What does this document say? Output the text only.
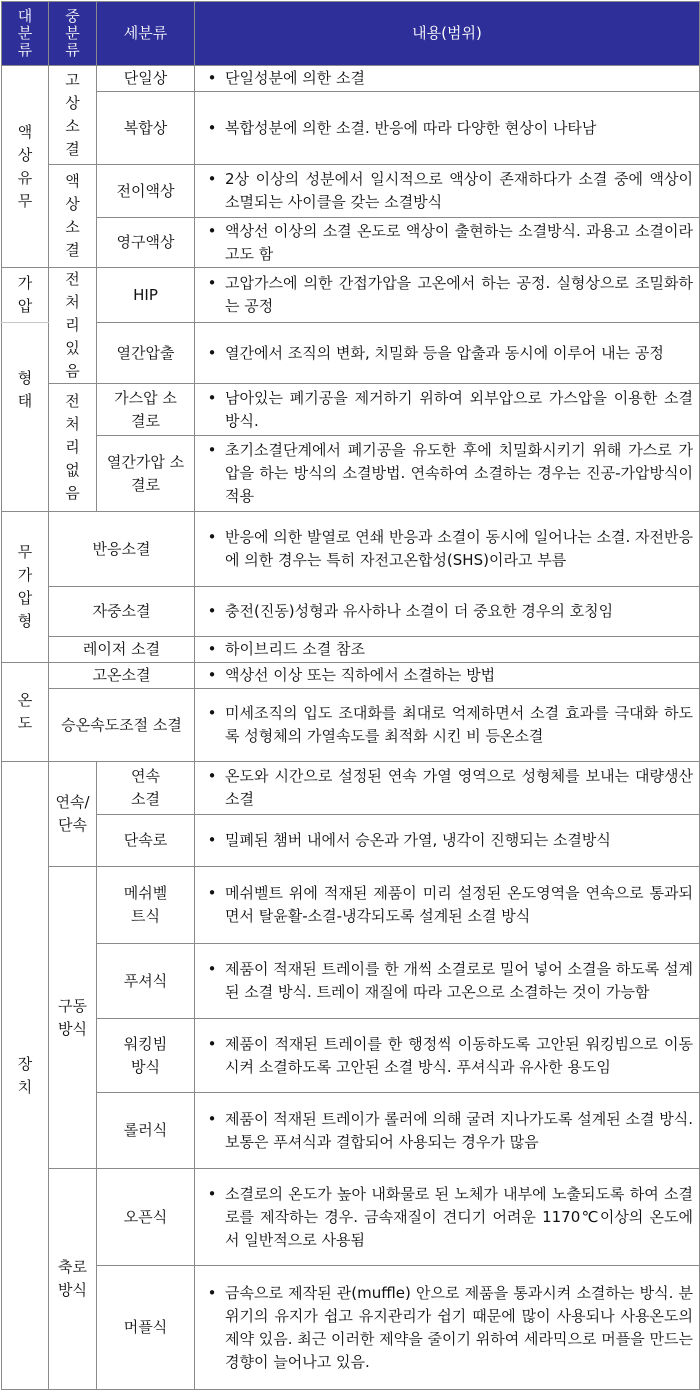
대분류	중분류	세분류	내용(범위)
액상유무	고상소결	단일상	• 단일성분에 의한 소결

		복합상	• 복합성분에 의한 소결. 반응에 따라 다양한 현상이 나타남

	액상소결	전이액상	• 2상 이상의 성분에서 일시적으로 액상이 존재하다가 소결 중에 액상이 소멸되는 사이클을 갖는 소결방식

		영구액상	• 액상선 이상의 소결 온도로 액상이 출현하는 소결방식. 과용고 소결이라고도 함

가압	전처리있음	HIP	• 고압가스에 의한 간접가압을 고온에서 하는 공정. 실형상으로 조밀화하는 공정

형태		열간압출	• 열간에서 조직의 변화, 치밀화 등을 압출과 동시에 이루어 내는 공정

	전처리없음	가스압 소결로	• 남아있는 폐기공을 제거하기 위하여 외부압으로 가스압을 이용한 소결방식.

		열간가압 소결로	• 초기소결단계에서 폐기공을 유도한 후에 치밀화시키기 위해 가스로 가압을 하는 방식의 소결방법. 연속하여 소결하는 경우는 진공-가압방식이 적용

무가압형	반응소결		• 반응에 의한 발열로 연쇄 반응과 소결이 동시에 일어나는 소결. 자전반응에 의한 경우는 특히 자전고온합성(SHS)이라고 부름

	자중소결		• 충전(진동)성형과 유사하나 소결이 더 중요한 경우의 호칭임

	레이저 소결		• 하이브리드 소결 참조

온도	고온소결		• 액상선 이상 또는 직하에서 소결하는 방법

	승온속도조절 소결		• 미세조직의 입도 조대화를 최대로 억제하면서 소결 효과를 극대화 하도록 성형체의 가열속도를 최적화 시킨 비 등온소결

장치	연속/단속	연속 소결	• 온도와 시간으로 설정된 연속 가열 영역으로 성형체를 보내는 대량생산 소결

		단속로	• 밀폐된 챔버 내에서 승온과 가열, 냉각이 진행되는 소결방식

	구동방식	메쉬벨트식	• 메쉬벨트 위에 적재된 제품이 미리 설정된 온도영역을 연속으로 통과되면서 탈윤활-소결-냉각되도록 설계된 소결 방식

		푸셔식	• 제품이 적재된 트레이를 한 개씩 소결로로 밀어 넣어 소결을 하도록 설계된 소결 방식. 트레이 재질에 따라 고온으로 소결하는 것이 가능함

		워킹빔 방식	• 제품이 적재된 트레이를 한 행정씩 이동하도록 고안된 워킹빔으로 이동시켜 소결하도록 고안된 소결 방식. 푸셔식과 유사한 용도임

		롤러식	• 제품이 적재된 트레이가 롤러에 의해 굴려 지나가도록 설계된 소결 방식. 보통은 푸셔식과 결합되어 사용되는 경우가 많음

	축로방식	오픈식	• 소결로의 온도가 높아 내화물로 된 노체가 내부에 노출되도록 하여 소결로를 제작하는 경우. 금속재질이 견디기 어려운 1170℃이상의 온도에서 일반적으로 사용됨

		머플식	• 금속으로 제작된 관(muffle) 안으로 제품을 통과시켜 소결하는 방식. 분위기의 유지가 쉽고 유지관리가 쉽기 때문에 많이 사용되나 사용온도의 제약 있음. 최근 이러한 제약을 줄이기 위하여 세라믹으로 머플을 만드는 경향이 늘어나고 있음.
